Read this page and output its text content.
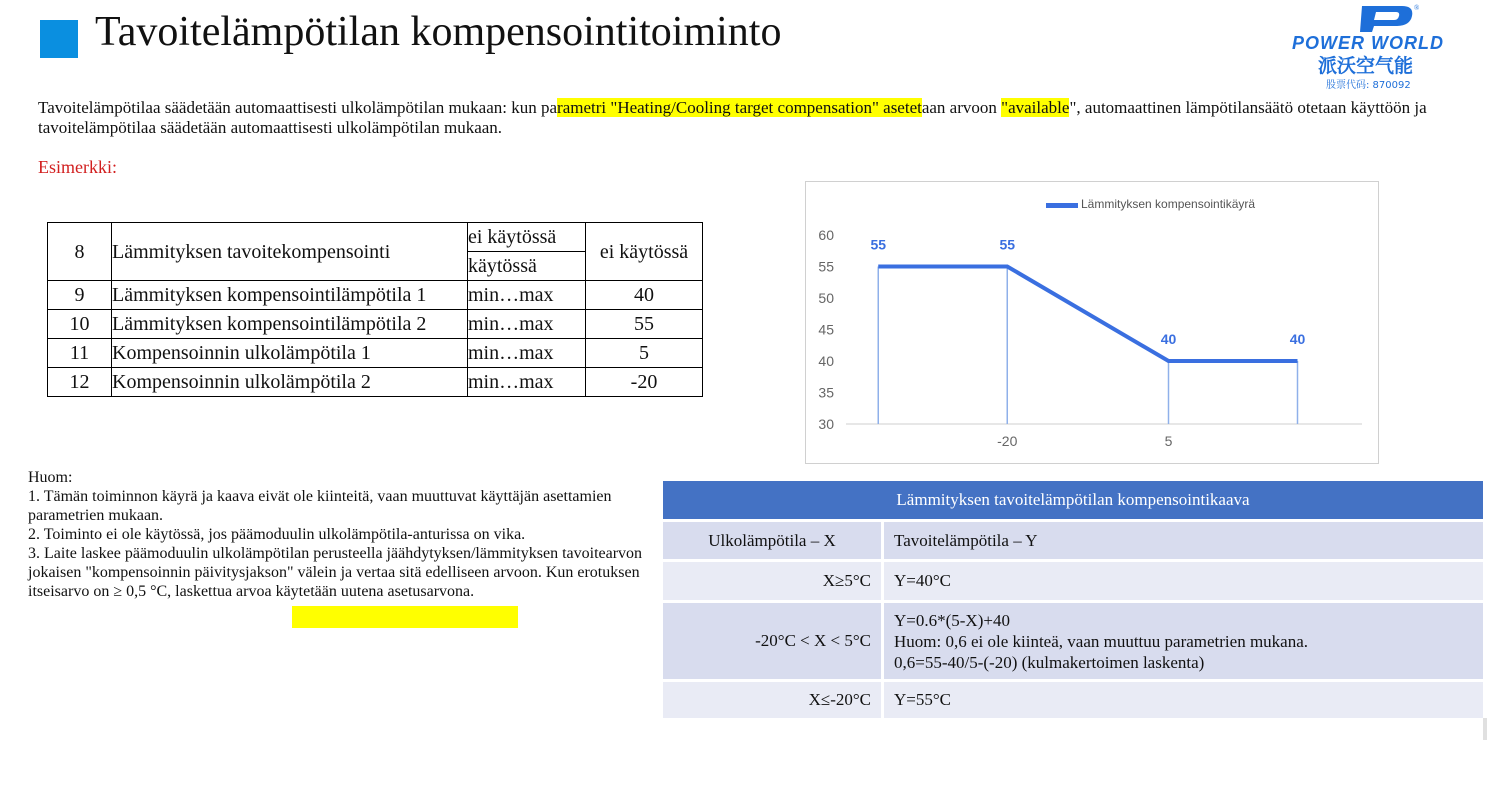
Tavoitelämpötilan kompensointitoiminto
®
POWER WORLD
派沃空气能
股票代码: 870092
Tavoitelämpötilaa säädetään automaattisesti ulkolämpötilan mukaan: kun parametri "Heating/Cooling target compensation" asetetaan arvoon "available", automaattinen lämpötilansäätö otetaan käyttöön ja tavoitelämpötilaa säädetään automaattisesti ulkolämpötilan mukaan.
Esimerkki:
8	Lämmityksen tavoitekompensointi	ei käytössä	ei käytössä
		käytössä	
9	Lämmityksen kompensointilämpötila 1	min…max	40
10	Lämmityksen kompensointilämpötila 2	min…max	55
11	Kompensoinnin ulkolämpötila 1	min…max	5
12	Kompensoinnin ulkolämpötila 2	min…max	-20

Huom:

1. Tämän toiminnon käyrä ja kaava eivät ole kiinteitä, vaan muuttuvat käyttäjän asettamien parametrien mukaan.

2. Toiminto ei ole käytössä, jos päämoduulin ulkolämpötila-anturissa on vika.

3. Laite laskee päämoduulin ulkolämpötilan perusteella jäähdytyksen/lämmityksen tavoitearvon jokaisen "kompensoinnin päivitysjakson" välein ja vertaa sitä edelliseen arvoon. Kun erotuksen itseisarvo on ≥ 0,5 °C, laskettua arvoa käytetään uutena asetusarvona.

Lämmityksen kompensointikäyrä
30
35
40
45
50
55
60
-20	5
55	55
40	40
Lämmityksen tavoitelämpötilan kompensointikaava	
Ulkolämpötila – X	Tavoitelämpötila – Y
X≥5°C	Y=40°C
-20°C < X < 5°C	Y=0.6*(5-X)+40
Huom: 0,6 ei ole kiinteä, vaan muuttuu parametrien mukana.
0,6=55-40/5-(-20) (kulmakertoimen laskenta)

X≤-20°C	Y=55°C
